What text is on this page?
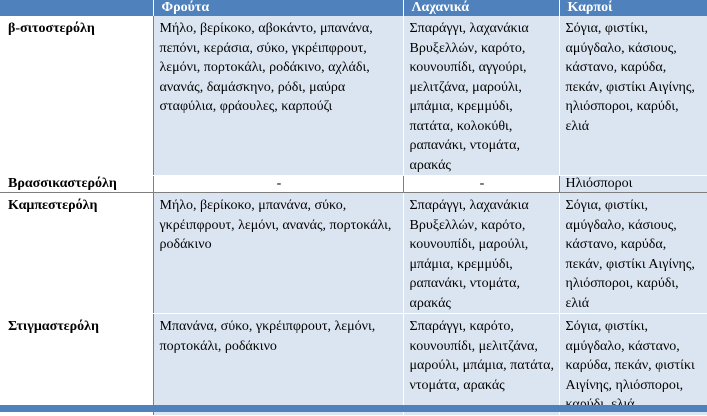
	Φρούτα	Λαχανικά	Καρποί
β-σιτοστερόλη	Μήλο, βερίκοκο, αβοκάντο, μπανάνα, πεπόνι, κεράσια, σύκο, γκρέιπφρουτ, λεμόνι, πορτοκάλι, ροδάκινο, αχλάδι, ανανάς, δαμάσκηνο, ρόδι, μαύρα σταφύλια, φράουλες, καρπούζι	Σπαράγγι, λαχανάκια Βρυξελλών, καρότο, κουνουπίδι, αγγούρι, μελιτζάνα, μαρούλι, μπάμια, κρεμμύδι, πατάτα, κολοκύθι, ραπανάκι, ντομάτα, αρακάς	Σόγια, φιστίκι, αμύγδαλο, κάσιους, κάστανο, καρύδα, πεκάν, φιστίκι Αιγίνης, ηλιόσποροι, καρύδι, ελιά
Βρασσικαστερόλη	-	-	Ηλιόσποροι
Καμπεστερόλη	Μήλο, βερίκοκο, μπανάνα, σύκο, γκρέιπφρουτ, λεμόνι, ανανάς, πορτοκάλι, ροδάκινο	Σπαράγγι, λαχανάκια Βρυξελλών, καρότο, κουνουπίδι, μαρούλι, μπάμια, κρεμμύδι, ραπανάκι, ντομάτα, αρακάς	Σόγια, φιστίκι, αμύγδαλο, κάσιους, κάστανο, καρύδα, πεκάν, φιστίκι Αιγίνης, ηλιόσποροι, καρύδι, ελιά
Στιγμαστερόλη	Μπανάνα, σύκο, γκρέιπφρουτ, λεμόνι, πορτοκάλι, ροδάκινο	Σπαράγγι, καρότο, κουνουπίδι, μελιτζάνα, μαρούλι, μπάμια, πατάτα, ντομάτα, αρακάς	Σόγια, φιστίκι, αμύγδαλο, κάστανο, καρύδα, πεκάν, φιστίκι Αιγίνης, ηλιόσποροι,
